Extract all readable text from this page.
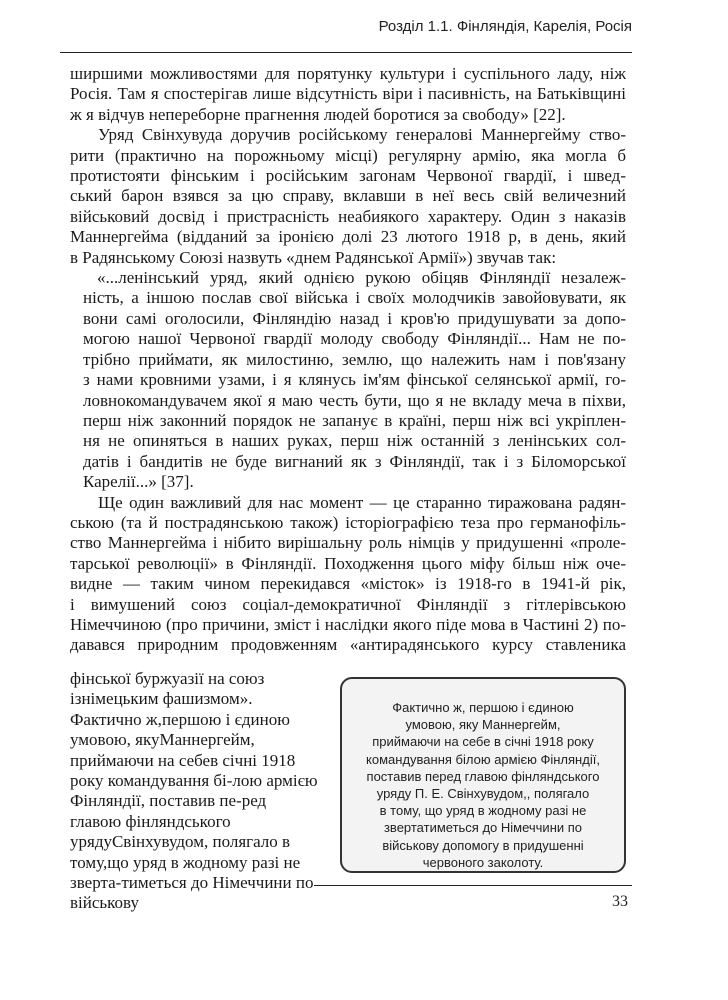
Розділ 1.1. Фінляндія, Карелія, Росія
ширшими можливостями для порятунку культури і суспільного ладу, ніж
Росія. Там я спостерігав лише відсутність віри і пасивність, на Батьківщині
ж я відчув непереборне прагнення людей боротися за свободу» [22].
Уряд Свінхувуда доручив російському генералові Маннергейму ство-
рити (практично на порожньому місці) регулярну армію, яка могла б
протистояти фінським і російським загонам Червоної гвардії, і швед-
ський барон взявся за цю справу, вклавши в неї весь свій величезний
військовий досвід і пристрасність неабиякого характеру. Один з наказів
Маннергейма (відданий за іронією долі 23 лютого 1918 р, в день, який
в Радянському Союзі назвуть «днем Радянської Армії») звучав так:
«...ленінський уряд, який однією рукою обіцяв Фінляндії незалеж-
ність, а іншою послав свої війська і своїх молодчиків завойовувати, як
вони самі оголосили, Фінляндію назад і кров'ю придушувати за допо-
могою нашої Червоної гвардії молоду свободу Фінляндії... Нам не по-
трібно приймати, як милостиню, землю, що належить нам і пов'язану
з нами кровними узами, і я клянусь ім'ям фінської селянської армії, го-
ловнокомандувачем якої я маю честь бути, що я не вкладу меча в піхви,
перш ніж законний порядок не запанує в країні, перш ніж всі укріплен-
ня не опиняться в наших руках, перш ніж останній з ленінських сол-
датів і бандитів не буде вигнаний як з Фінляндії, так і з Біломорської
Карелії...» [37].
Ще один важливий для нас момент — це старанно тиражована радян-
ською (та й пострадянською також) історіографією теза про германофіль-
ство Маннергейма і нібито вирішальну роль німців у придушенні «проле-
тарської революції» в Фінляндії. Походження цього міфу більш ніж оче-
видне — таким чином перекидався «місток» із 1918-го в 1941-й рік,
і вимушений союз соціал-демократичної Фінляндії з гітлерівською
Німеччиною (про причини, зміст і наслідки якого піде мова в Частині 2) по-
давався природним продовженням «антирадянського курсу ставленика
фінської буржуазії на союз ізнімецьким фашизмом». Фактично ж,першою і єдиною умовою, якуМаннергейм, приймаючи на себев січні 1918 року командування бі-лою армією Фінляндії, поставив пе-ред главою фінляндського урядуСвінхувудом, полягало в тому,що уряд в жодному разі не зверта-тиметься до Німеччини по військову
Фактично ж, першою і єдиною
умовою, яку Маннергейм,
приймаючи на себе в січні 1918 року
командування білою армією Фінляндії,
поставив перед главою фінляндського
уряду П. Е. Свінхувудом,, полягало
в тому, що уряд в жодному разі не
звертатиметься до Німеччини по
військову допомогу в придушенні
червоного заколоту.
33
